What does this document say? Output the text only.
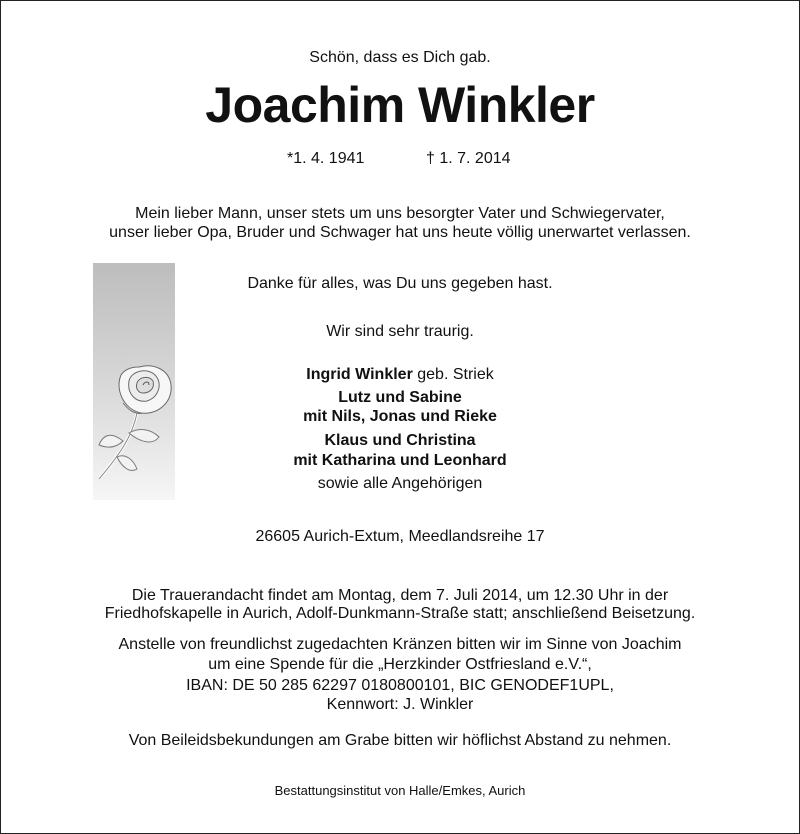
Schön, dass es Dich gab.
Joachim Winkler
*1. 4. 1941	† 1. 7. 2014
Mein lieber Mann, unser stets um uns besorgter Vater und Schwiegervater,
unser lieber Opa, Bruder und Schwager hat uns heute völlig unerwartet verlassen.
Danke für alles, was Du uns gegeben hast.
Wir sind sehr traurig.
Ingrid Winkler geb. Striek
Lutz und Sabine
mit Nils, Jonas und Rieke
Klaus und Christina
mit Katharina und Leonhard
sowie alle Angehörigen
26605 Aurich-Extum, Meedlandsreihe 17
Die Trauerandacht findet am Montag, dem 7. Juli 2014, um 12.30 Uhr in der
Friedhofskapelle in Aurich, Adolf-Dunkmann-Straße statt; anschließend Beisetzung.
Anstelle von freundlichst zugedachten Kränzen bitten wir im Sinne von Joachim
um eine Spende für die „Herzkinder Ostfriesland e.V.“,
IBAN: DE 50 285 62297 0180800101, BIC GENODEF1UPL,
Kennwort: J. Winkler
Von Beileidsbekundungen am Grabe bitten wir höflichst Abstand zu nehmen.
Bestattungsinstitut von Halle/Emkes, Aurich
